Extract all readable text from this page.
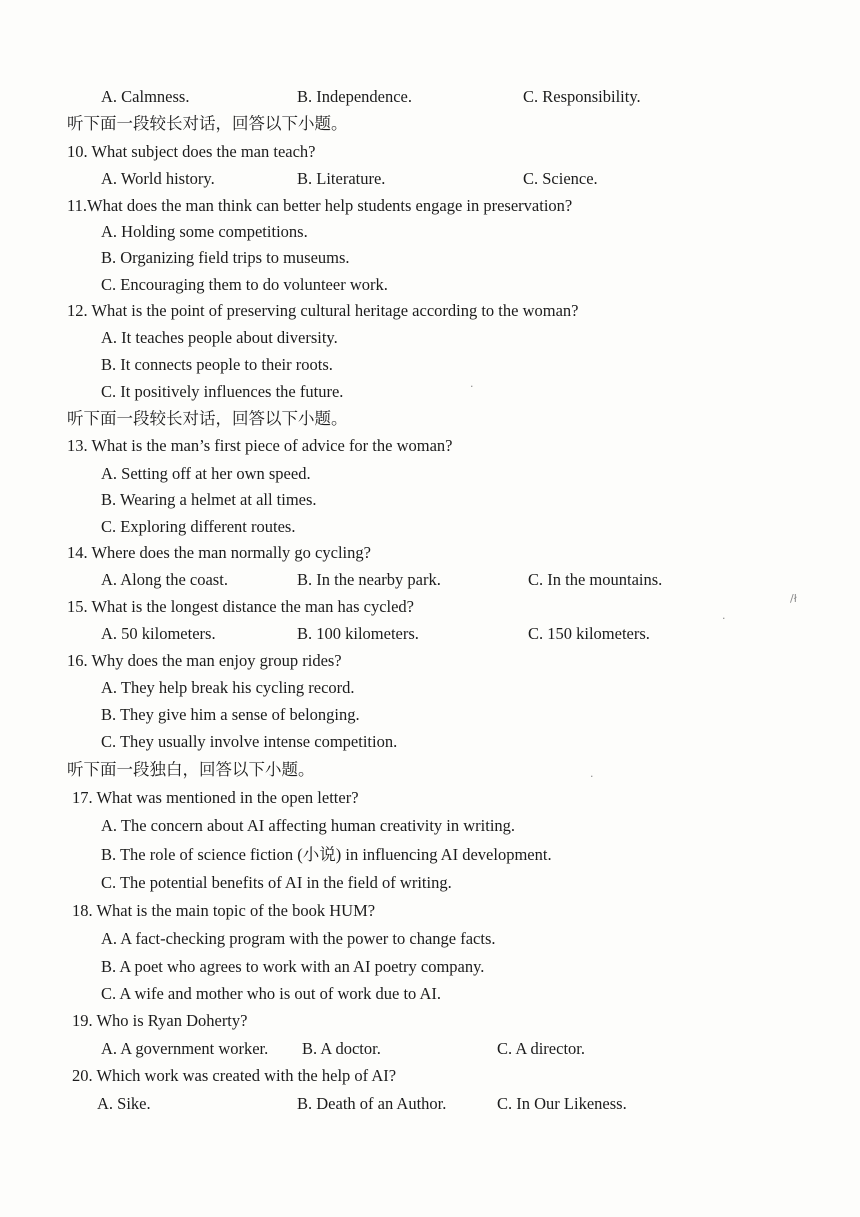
A. Calmness.	B. Independence.	C. Responsibility.
听下面一段较长对话，回答以下小题。
10. What subject does the man teach?
A. World history.	B. Literature.	C. Science.
11.What does the man think can better help students engage in preservation?
A. Holding some competitions.
B. Organizing field trips to museums.
C. Encouraging them to do volunteer work.
12. What is the point of preserving cultural heritage according to the woman?
A. It teaches people about diversity.
B. It connects people to their roots.
C. It positively influences the future.
听下面一段较长对话，回答以下小题。
13. What is the man’s first piece of advice for the woman?
A. Setting off at her own speed.
B. Wearing a helmet at all times.
C. Exploring different routes.
14. Where does the man normally go cycling?
A. Along the coast.	B. In the nearby park.	C. In the mountains.
15. What is the longest distance the man has cycled?
A. 50 kilometers.	B. 100 kilometers.	C. 150 kilometers.
16. Why does the man enjoy group rides?
A. They help break his cycling record.
B. They give him a sense of belonging.
C. They usually involve intense competition.
听下面一段独白，回答以下小题。
17. What was mentioned in the open letter?
A. The concern about AI affecting human creativity in writing.
B. The role of science fiction (小说) in influencing AI development.
C. The potential benefits of AI in the field of writing.
18. What is the main topic of the book HUM?
A. A fact-checking program with the power to change facts.
B. A poet who agrees to work with an AI poetry company.
C. A wife and mother who is out of work due to AI.
19. Who is Ryan Doherty?
A. A government worker. B. A doctor.	C. A director.
20. Which work was created with the help of AI?
A. Sike.	B. Death of an Author.	C. In Our Likeness.
/ł
·
·
·
